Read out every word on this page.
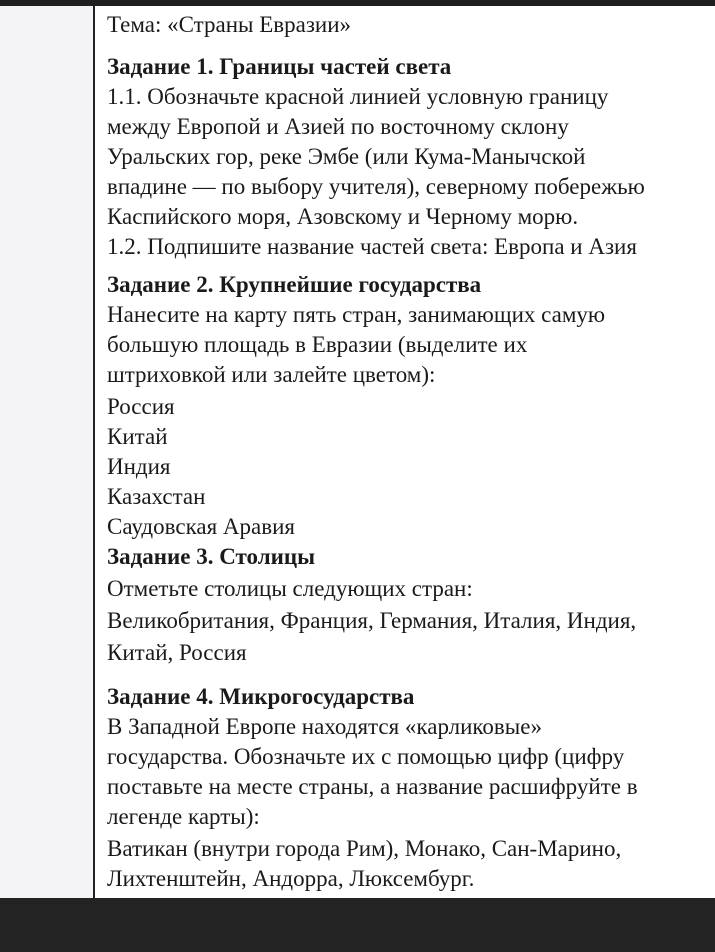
Тема: «Страны Евразии»
Задание 1. Границы частей света
1.1. Обозначьте красной линией условную границу
между Европой и Азией по восточному склону
Уральских гор, реке Эмбе (или Кума-Манычской
впадине — по выбору учителя), северному побережью
Каспийского моря, Азовскому и Черному морю.
1.2. Подпишите название частей света: Европа и Азия
Задание 2. Крупнейшие государства
Нанесите на карту пять стран, занимающих самую
большую площадь в Евразии (выделите их
штриховкой или залейте цветом):
Россия
Китай
Индия
Казахстан
Саудовская Аравия
Задание 3. Столицы
Отметьте столицы следующих стран:
Великобритания, Франция, Германия, Италия, Индия,
Китай, Россия
Задание 4. Микрогосударства
В Западной Европе находятся «карликовые»
государства. Обозначьте их с помощью цифр (цифру
поставьте на месте страны, а название расшифруйте в
легенде карты):
Ватикан (внутри города Рим), Монако, Сан-Марино,
Лихтенштейн, Андорра, Люксембург.
